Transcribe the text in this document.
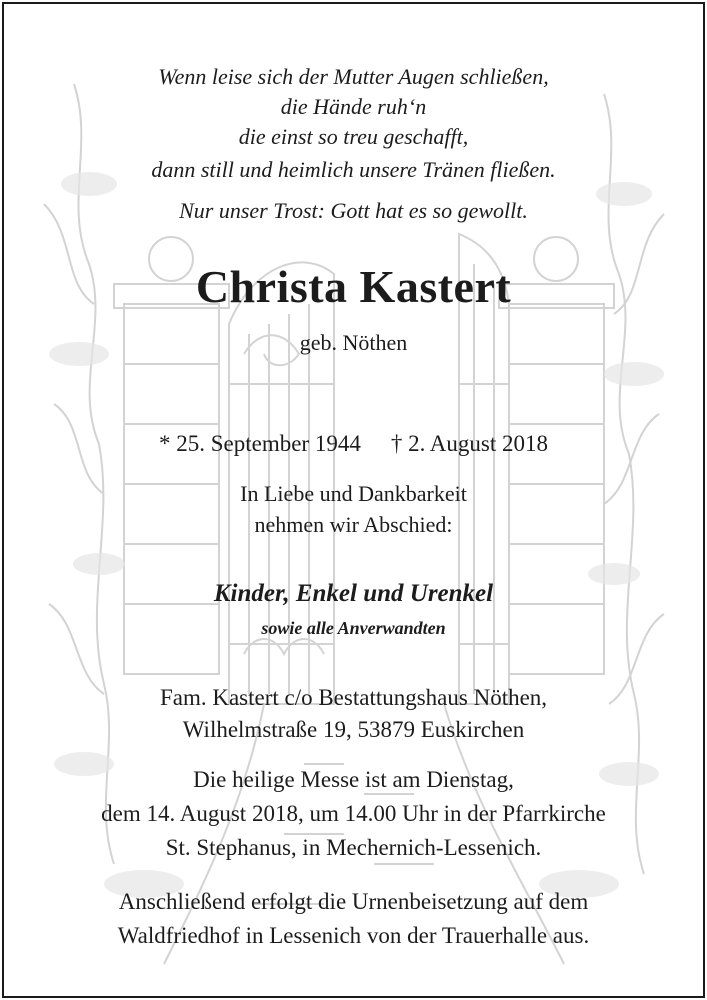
Wenn leise sich der Mutter Augen schließen,
die Hände ruh‘n
die einst so treu geschafft,
dann still und heimlich unsere Tränen fließen.
Nur unser Trost: Gott hat es so gewollt.
Christa Kastert
geb. Nöthen
* 25. September 1944 † 2. August 2018
In Liebe und Dankbarkeit
nehmen wir Abschied:
Kinder, Enkel und Urenkel
sowie alle Anverwandten
Fam. Kastert c/o Bestattungshaus Nöthen,
Wilhelmstraße 19, 53879 Euskirchen
Die heilige Messe ist am Dienstag,
dem 14. August 2018, um 14.00 Uhr in der Pfarrkirche
St. Stephanus, in Mechernich-Lessenich.
Anschließend erfolgt die Urnenbeisetzung auf dem
Waldfriedhof in Lessenich von der Trauerhalle aus.
